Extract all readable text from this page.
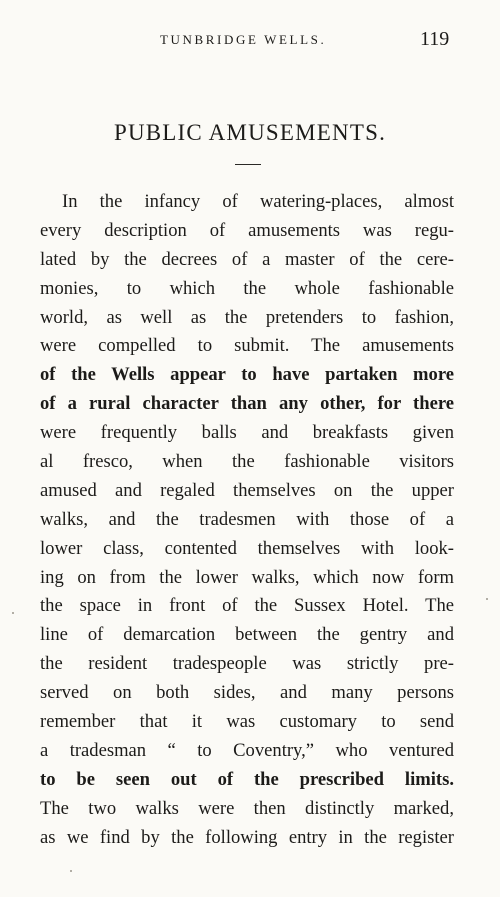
TUNBRIDGE WELLS.	119
PUBLIC AMUSEMENTS.
In the infancy of watering-places, almost
every description of amusements was regu-
lated by the decrees of a master of the cere-
monies, to which the whole fashionable
world, as well as the pretenders to fashion,
were compelled to submit. The amusements
of the Wells appear to have partaken more
of a rural character than any other, for there
were frequently balls and breakfasts given
al fresco, when the fashionable visitors
amused and regaled themselves on the upper
walks, and the tradesmen with those of a
lower class, contented themselves with look-
ing on from the lower walks, which now form
the space in front of the Sussex Hotel. The
line of demarcation between the gentry and
the resident tradespeople was strictly pre-
served on both sides, and many persons
remember that it was customary to send
a tradesman “ to Coventry,” who ventured
to be seen out of the prescribed limits.
The two walks were then distinctly marked,
as we find by the following entry in the register
